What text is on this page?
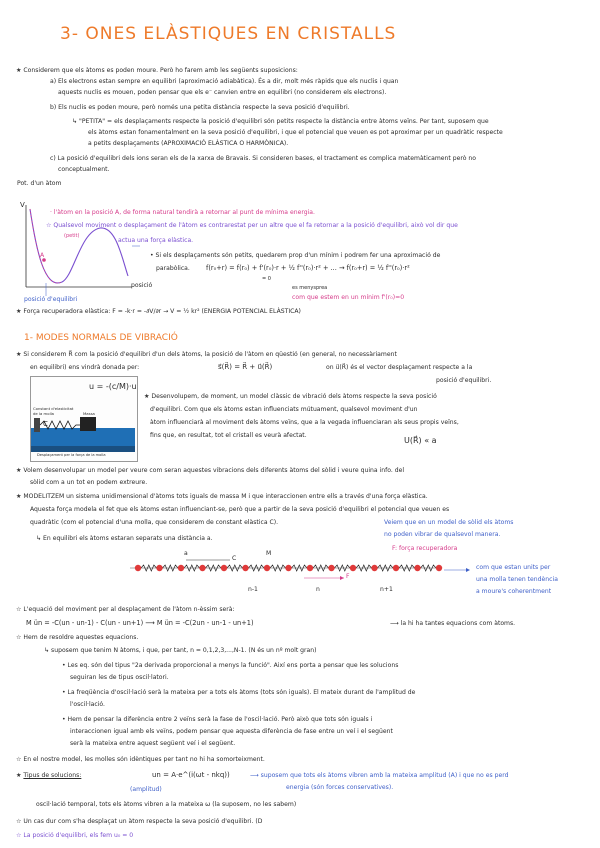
3- ONES ELÀSTIQUES EN CRISTALLS
★ Considerem que els àtoms es poden moure. Però ho farem amb les següents suposicions:
a) Els electrons estan sempre en equilibri (aproximació adiabàtica). És a dir, molt més ràpids que els nuclis i quan
aquests nuclis es mouen, poden pensar que els e⁻ canvien entre en equilibri (no considerem els electrons).
b) Els nuclis es poden moure, però només una petita distància respecte la seva posició d'equilibri.
↳ "PETITA" = els desplaçaments respecte la posició d'equilibri són petits respecte la distància entre àtoms veïns. Per tant, suposem que
els àtoms estan fonamentalment en la seva posició d'equilibri, i que el potencial que veuen es pot aproximar per un quadràtic respecte
a petits desplaçaments (APROXIMACIÓ ELÀSTICA O HARMÒNICA).
c) La posició d'equilibri dels ions seran els de la xarxa de Bravais. Si consideren bases, el tractament es complica matemàticament però no
conceptualment.
Pot. d'un àtom
V
posició
A
posició d'equilibri
· l'àtom en la posició A, de forma natural tendirà a retornar al punt de mínima energia.
☆ Qualsevol moviment o desplaçament de l'àtom es contrarestat per un altre que el fa retornar a la posició d'equilibri, això vol dir que
actua una força elàstica.
(petit)
• Si els desplaçaments són petits, quedarem prop d'un mínim i podrem fer una aproximació de
parabòlica. f(r₀+r) = f(r₀) + f'(r₀)·r + ½ f''(r₀)·r² + ... → f(r₀+r) = ½ f''(r₀)·r²
= 0
es menysprea
com que estem en un mínim f'(r₀)=0
★ Força recuperadora elàstica: F = -k·r = -∂V/∂r → V = ½ kr² (ENERGIA POTENCIAL ELÀSTICA)
1- MODES NORMALS DE VIBRACIÓ
★ Si considerem R⃗ com la posició d'equilibri d'un dels àtoms, la posició de l'àtom en qüestió (en general, no necessàriament
en equilibri) ens vindrà donada per:	s⃗(R⃗) = R⃗ + u⃗(R⃗)	on u⃗(R⃗) és el vector desplaçament respecte a la
posició d'equilibri.
u = -(c/M)·u
Constant d'elasticitat de la molla
C
Massa
Desplaçament per la força de la molla
★ Desenvolupem, de moment, un model clàssic de vibració dels àtoms respecte la seva posició
d'equilibri. Com que els àtoms estan influenciats mútuament, qualsevol moviment d'un
àtom influenciarà al moviment dels àtoms veïns, que a la vegada influenciaran als seus propis veïns,
fins que, en resultat, tot el cristall es veurà afectat.
U(R⃗) « a
★ Volem desenvolupar un model per veure com seran aquestes vibracions dels diferents àtoms del sòlid i veure quina info. del
sòlid com a un tot en podem extreure.
★ MODELITZEM un sistema unidimensional d'àtoms tots iguals de massa M i que interaccionen entre ells a través d'una força elàstica.
Aquesta força modela el fet que els àtoms estan influenciant-se, però que a partir de la seva posició d'equilibri el potencial que veuen es
quadràtic (com el potencial d'una molla, que considerem de constant elàstica C).
↳ En equilibri els àtoms estaran separats una distància a.
Veiem que en un model de sòlid els àtoms
no poden vibrar de qualsevol manera.
F: força recuperadora
a
C
M
n-1	n	n+1
F
com que estan units per
una molla tenen tendència
a moure's coherentment
☆ L'equació del moviment per al desplaçament de l'àtom n-èssim serà:
M ün = -C(un - un-1) - C(un - un+1) ⟶ M ün = -C(2un - un-1 - un+1)	⟶ la hi ha tantes equacions com àtoms.
☆ Hem de resoldre aquestes equacions.
↳ suposem que tenim N àtoms, i que, per tant, n = 0,1,2,3,...,N-1. (N és un nº molt gran)
• Les eq. són del tipus "2a derivada proporcional a menys la funció". Així ens porta a pensar que les solucions
seguiran les de tipus oscil·latori.
• La freqüència d'oscil·lació serà la mateixa per a tots els àtoms (tots són iguals). El mateix durant de l'amplitud de
l'oscil·lació.
• Hem de pensar la diferència entre 2 veïns serà la fase de l'oscil·lació. Però això que tots són iguals i
interaccionen igual amb els veïns, podem pensar que aquesta diferència de fase entre un veí i el següent
serà la mateixa entre aquest següent veí i el següent.
☆ En el nostre model, les molles són idèntiques per tant no hi ha somorteixment.
★ Tipus de solucions:	un = A·e^(i(ωt - nkq))	⟶ suposem que tots els àtoms vibren amb la mateixa amplitud (A) i que no es perd
energia (són forces conservatives).
(amplitud)
oscil·lació temporal, tots els àtoms vibren a la mateixa ω (la suposem, no les sabem)
☆ Un cas dur com s'ha desplaçat un àtom respecte la seva posició d'equilibri. (D
☆ La posició d'equilibri, els fem u₀ = 0
